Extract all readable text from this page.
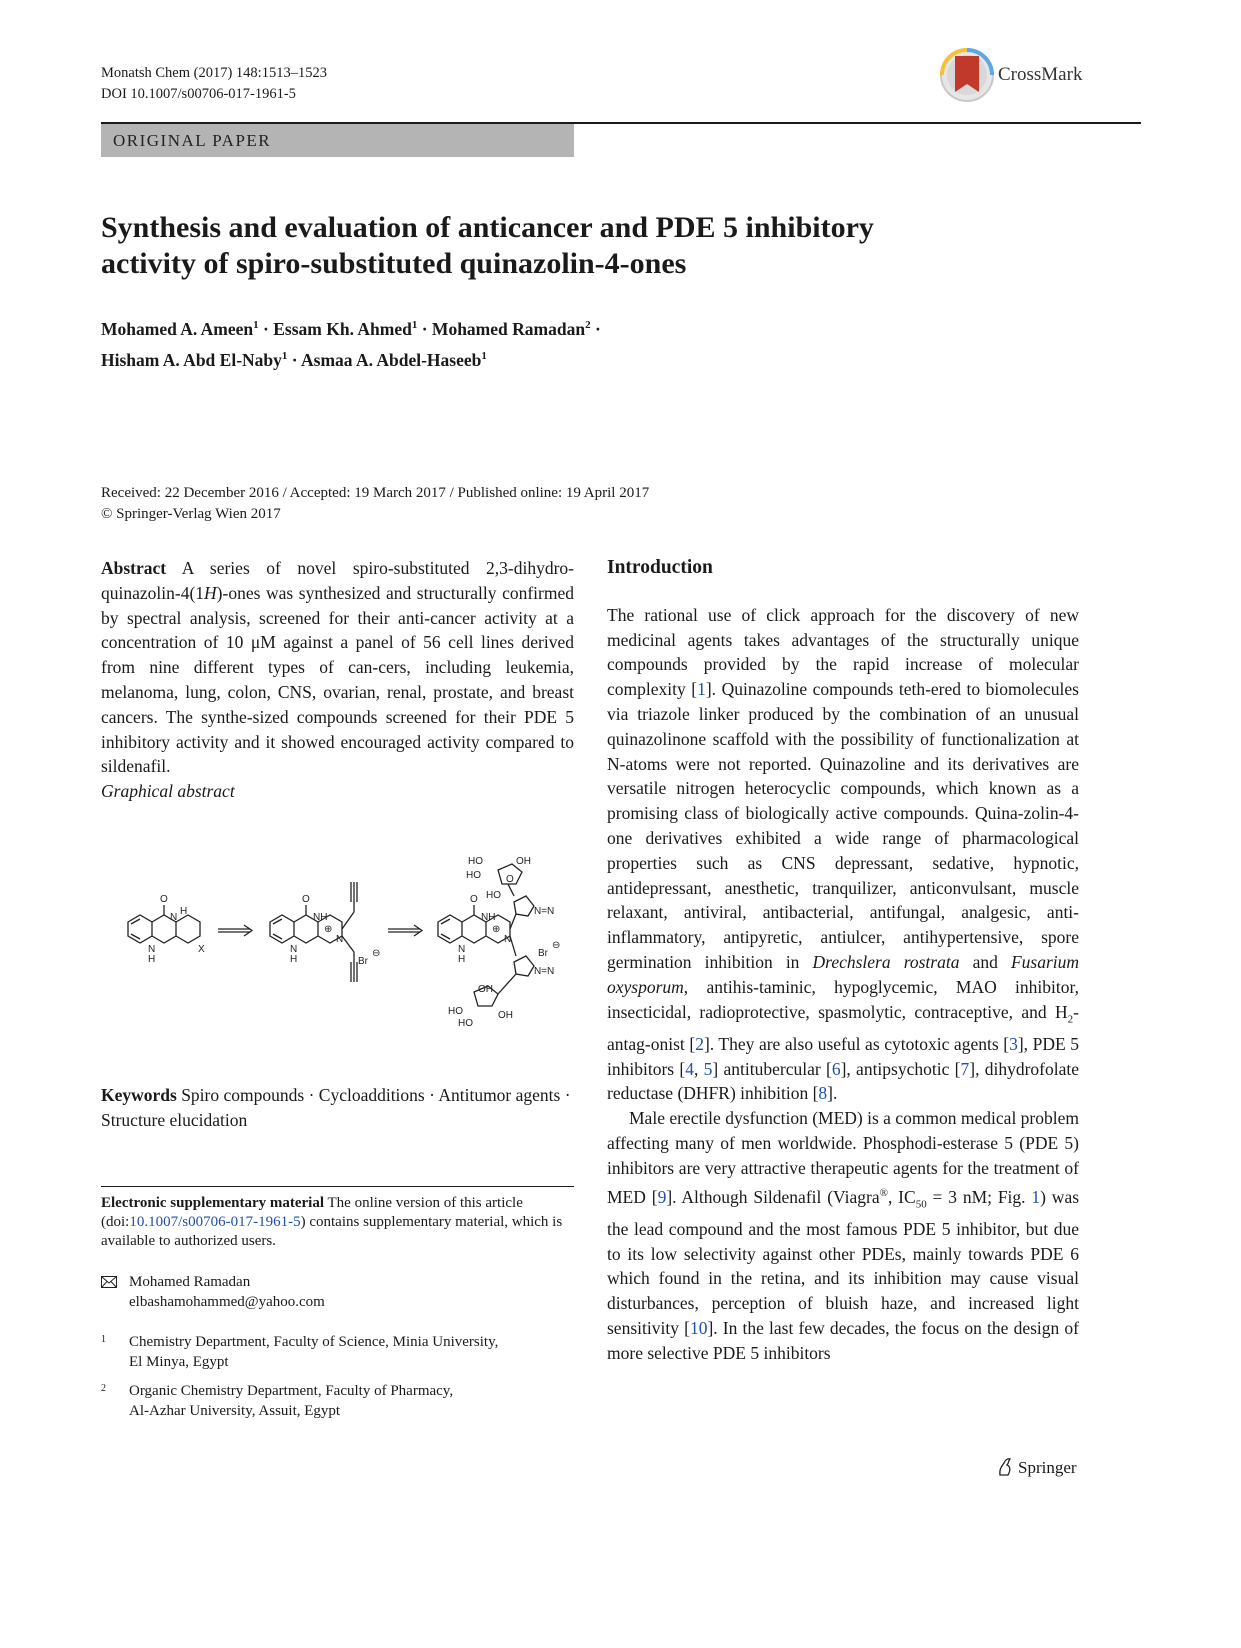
Monatsh Chem (2017) 148:1513–1523
DOI 10.1007/s00706-017-1961-5
CrossMark
ORIGINAL PAPER
Synthesis and evaluation of anticancer and PDE 5 inhibitory
activity of spiro-substituted quinazolin-4-ones
Mohamed A. Ameen$^1$ · Essam Kh. Ahmed$^1$ · Mohamed Ramadan$^2$ ·
Hisham A. Abd El-Naby$^1$ · Asmaa A. Abdel-Haseeb$^1$
Received: 22 December 2016 / Accepted: 19 March 2017 / Published online: 19 April 2017
© Springer-Verlag Wien 2017
Abstract A series of novel spiro-substituted 2,3-dihydro-quinazolin-4(1H)-ones was synthesized and structurally confirmed by spectral analysis, screened for their anti-cancer activity at a concentration of 10 μM against a panel of 56 cell lines derived from nine different types of can-cers, including leukemia, melanoma, lung, colon, CNS, ovarian, renal, prostate, and breast cancers. The synthe-sized compounds screened for their PDE 5 inhibitory activity and it showed encouraged activity compared to sildenafil.
Graphical abstract
O
N
H
N
H
X
O
NH
N
H
⊕
N
Br
⊖
O
NH
N
H
⊕
N
Br
⊖
HO	OH
HO
HO
O
N=N
N=N
OH
HO
HO
OH
Keywords Spiro compounds · Cycloadditions · Antitumor agents · Structure elucidation
Electronic supplementary material The online version of this article (doi:10.1007/s00706-017-1961-5) contains supplementary material, which is available to authorized users.
Mohamed Ramadan
elbashamohammed@yahoo.com
1 Chemistry Department, Faculty of Science, Minia University,
El Minya, Egypt
2 Organic Chemistry Department, Faculty of Pharmacy,
Al-Azhar University, Assuit, Egypt
Introduction
The rational use of click approach for the discovery of new medicinal agents takes advantages of the structurally unique compounds provided by the rapid increase of molecular complexity [1]. Quinazoline compounds teth-ered to biomolecules via triazole linker produced by the combination of an unusual quinazolinone scaffold with the possibility of functionalization at N-atoms were not reported. Quinazoline and its derivatives are versatile nitrogen heterocyclic compounds, which known as a promising class of biologically active compounds. Quina-zolin-4-one derivatives exhibited a wide range of pharmacological properties such as CNS depressant, sedative, hypnotic, antidepressant, anesthetic, tranquilizer, anticonvulsant, muscle relaxant, antiviral, antibacterial, antifungal, analgesic, anti-inflammatory, antipyretic, antiulcer, antihypertensive, spore germination inhibition in Drechslera rostrata and Fusarium oxysporum, antihis-taminic, hypoglycemic, MAO inhibitor, insecticidal, radioprotective, spasmolytic, contraceptive, and $H_2-antag$-onist [2]. They are also useful as cytotoxic agents [3], PDE 5 inhibitors [4, 5] antitubercular [6], antipsychotic [7], dihydrofolate reductase (DHFR) inhibition [8].
Male erectile dysfunction (MED) is a common medical problem affecting many of men worldwide. Phosphodi-esterase 5 (PDE 5) inhibitors are very attractive therapeutic agents for the treatment of MED [9]. Although Sildenafil (Viagra®, $IC_{50} = 3$ nM; Fig. 1) was the lead compound and the most famous PDE 5 inhibitor, but due to its low selectivity against other PDEs, mainly towards PDE 6 which found in the retina, and its inhibition may cause visual disturbances, perception of bluish haze, and increased light sensitivity [10]. In the last few decades, the focus on the design of more selective PDE 5 inhibitors
Springer
